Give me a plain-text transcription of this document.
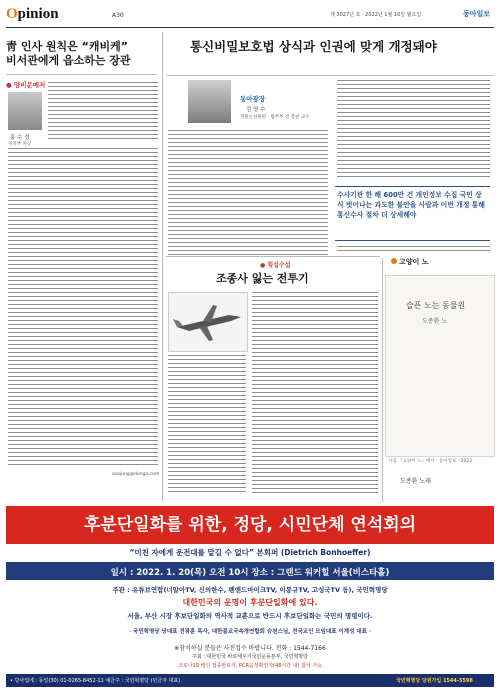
Opinion	A30	제 3027년 호 · 2022년 1월 10일 월요일	동아일보
靑 인사 원칙은 “캐비케”
비서관에게 읍소하는 장관
● 양비문예저
홍 수 정
정치부 차장
soojung@donga.com
통신비밀보호법 상식과 인권에 맞게 개정돼야
동아광장
김 영 수
객원논설위원 · 법무부 전 장관 교수
수사기관 한 해 600만 건 개인정보 수집 국민 상식 벗어나는 과도한 불안을 사람과 이번 개정 통해 통신수사 절차 더 상세해야
● 횡설수설
조종사 잃는 전투기
고양이 노
슬픈 노는 동물원
도종환 노
시집 『고양이 노』에서 · 동아일보 · 2022
도종환 노래
후분단일화를 위한, 정당, 시민단체 연석회의
“미친 자에게 운전대를 맡길 수 없다” 본회퍼 (Dietrich Bonhoeffer)
일시 : 2022. 1. 20(목) 오전 10시 장소 : 그랜드 워커힐 서울(비스타홀)
주관 : 유튜브연합(너알아TV, 신의한수, 펜앤드마이크TV, 이봉규TV, 고성국TV 등), 국민혁명당
대한민국의 운명이 후분단일화에 있다.
서울, 부산 시장 후보단일화의 역사적 교훈으로 반드시 후보단일화는 국민의 명령이다.
· 국민혁명당 당대표 전광훈 목사, 대한불교국속경연합회 승천스님, 전국교인 모임대표 이계성 대표 ·
※참석하실 분들은 사전접수 바랍니다. 전화 : 1544-7166
주최 : 대한민국 바로세우기국민운동본부, 국민혁명당
코로나19 백신 접종완료자, PCR음성확인자(48시간 내) 참석 가능
• 당사업에 : 동일(30) 01-0265-8452-11 예금주 : 국민혁명당 (민금자 대표)	국민혁명당 당원가입 1544-5598
